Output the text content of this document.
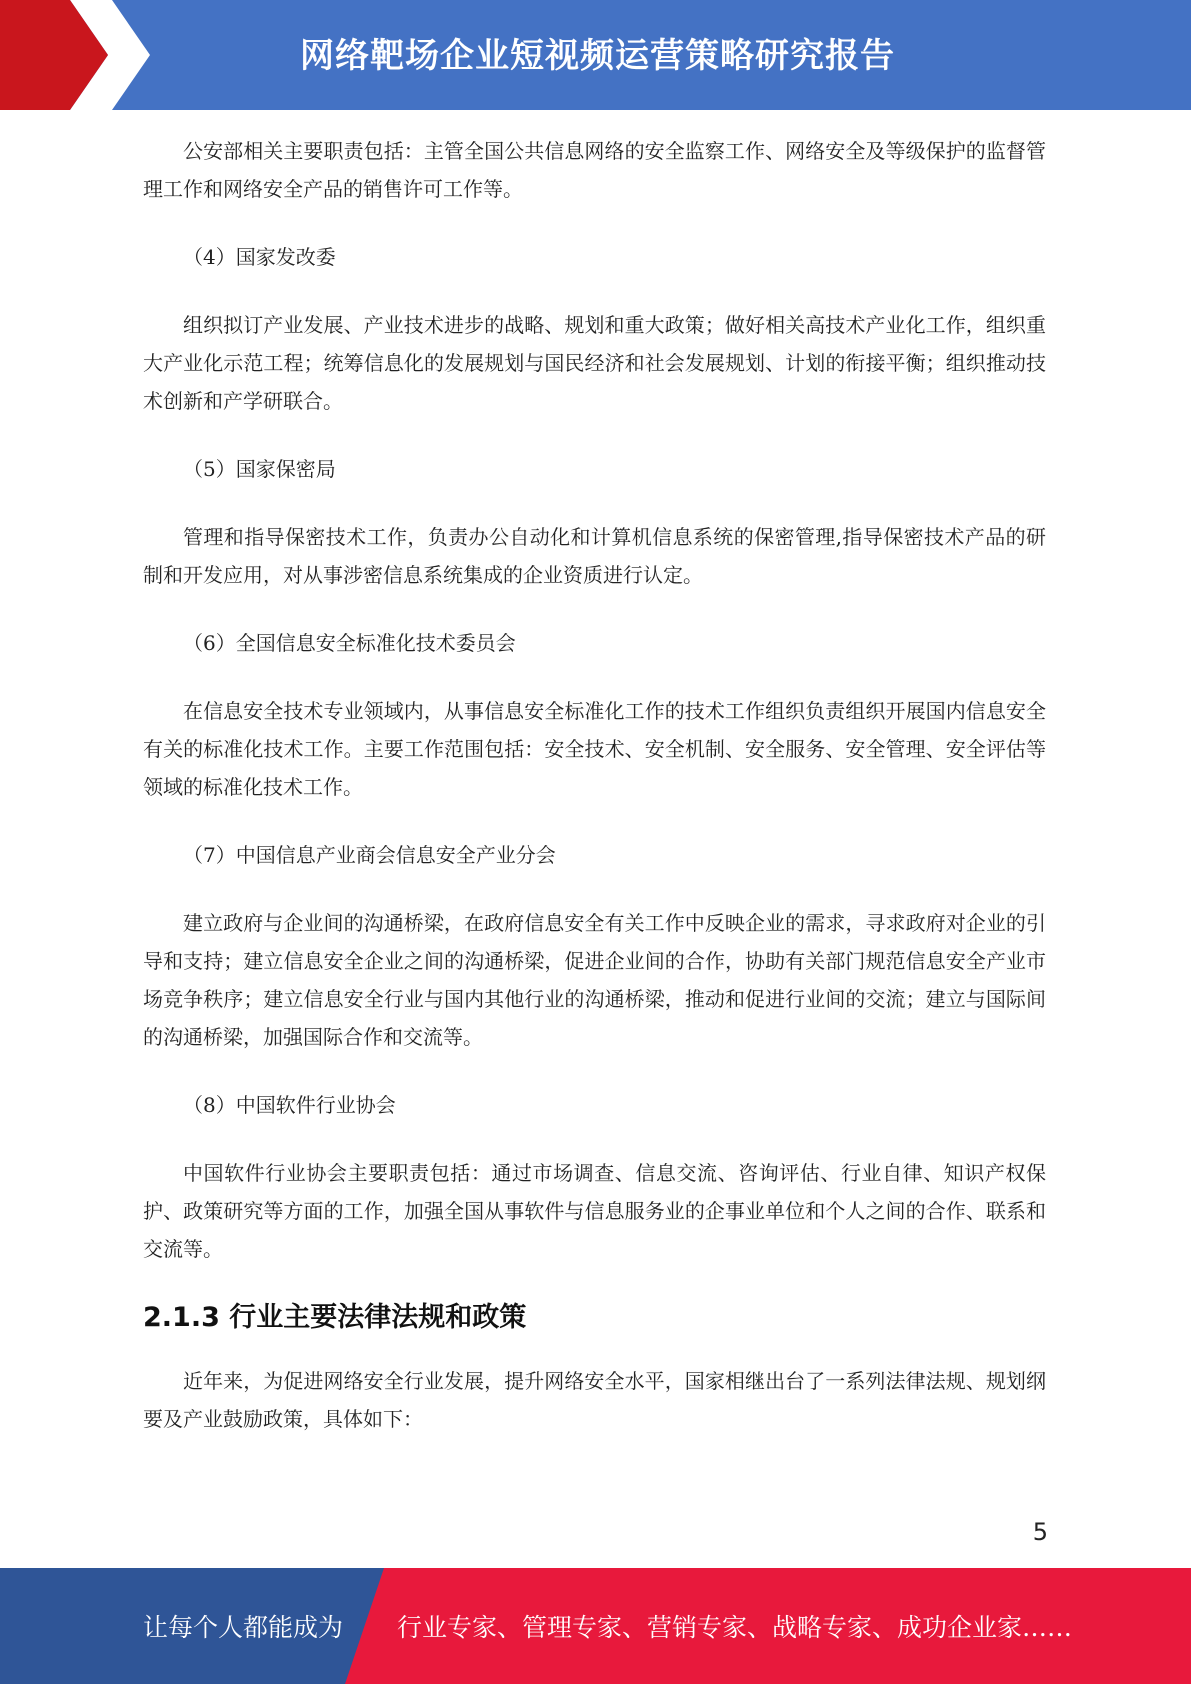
网络靶场企业短视频运营策略研究报告

公安部相关主要职责包括：主管全国公共信息网络的安全监察工作、网络安全及等级保护的监督管理工作和网络安全产品的销售许可工作等。

（4）国家发改委

组织拟订产业发展、产业技术进步的战略、规划和重大政策；做好相关高技术产业化工作，组织重大产业化示范工程；统筹信息化的发展规划与国民经济和社会发展规划、计划的衔接平衡；组织推动技术创新和产学研联合。

（5）国家保密局

管理和指导保密技术工作，负责办公自动化和计算机信息系统的保密管理,指导保密技术产品的研制和开发应用，对从事涉密信息系统集成的企业资质进行认定。

（6）全国信息安全标准化技术委员会

在信息安全技术专业领域内，从事信息安全标准化工作的技术工作组织负责组织开展国内信息安全有关的标准化技术工作。主要工作范围包括：安全技术、安全机制、安全服务、安全管理、安全评估等领域的标准化技术工作。

（7）中国信息产业商会信息安全产业分会

建立政府与企业间的沟通桥梁，在政府信息安全有关工作中反映企业的需求，寻求政府对企业的引导和支持；建立信息安全企业之间的沟通桥梁，促进企业间的合作，协助有关部门规范信息安全产业市场竞争秩序；建立信息安全行业与国内其他行业的沟通桥梁，推动和促进行业间的交流；建立与国际间的沟通桥梁，加强国际合作和交流等。

（8）中国软件行业协会

中国软件行业协会主要职责包括：通过市场调查、信息交流、咨询评估、行业自律、知识产权保护、政策研究等方面的工作，加强全国从事软件与信息服务业的企事业单位和个人之间的合作、联系和交流等。

2.1.3 行业主要法律法规和政策

近年来，为促进网络安全行业发展，提升网络安全水平，国家相继出台了一系列法律法规、规划纲要及产业鼓励政策，具体如下：

5
让每个人都能成为 行业专家、管理专家、营销专家、战略专家、成功企业家……
